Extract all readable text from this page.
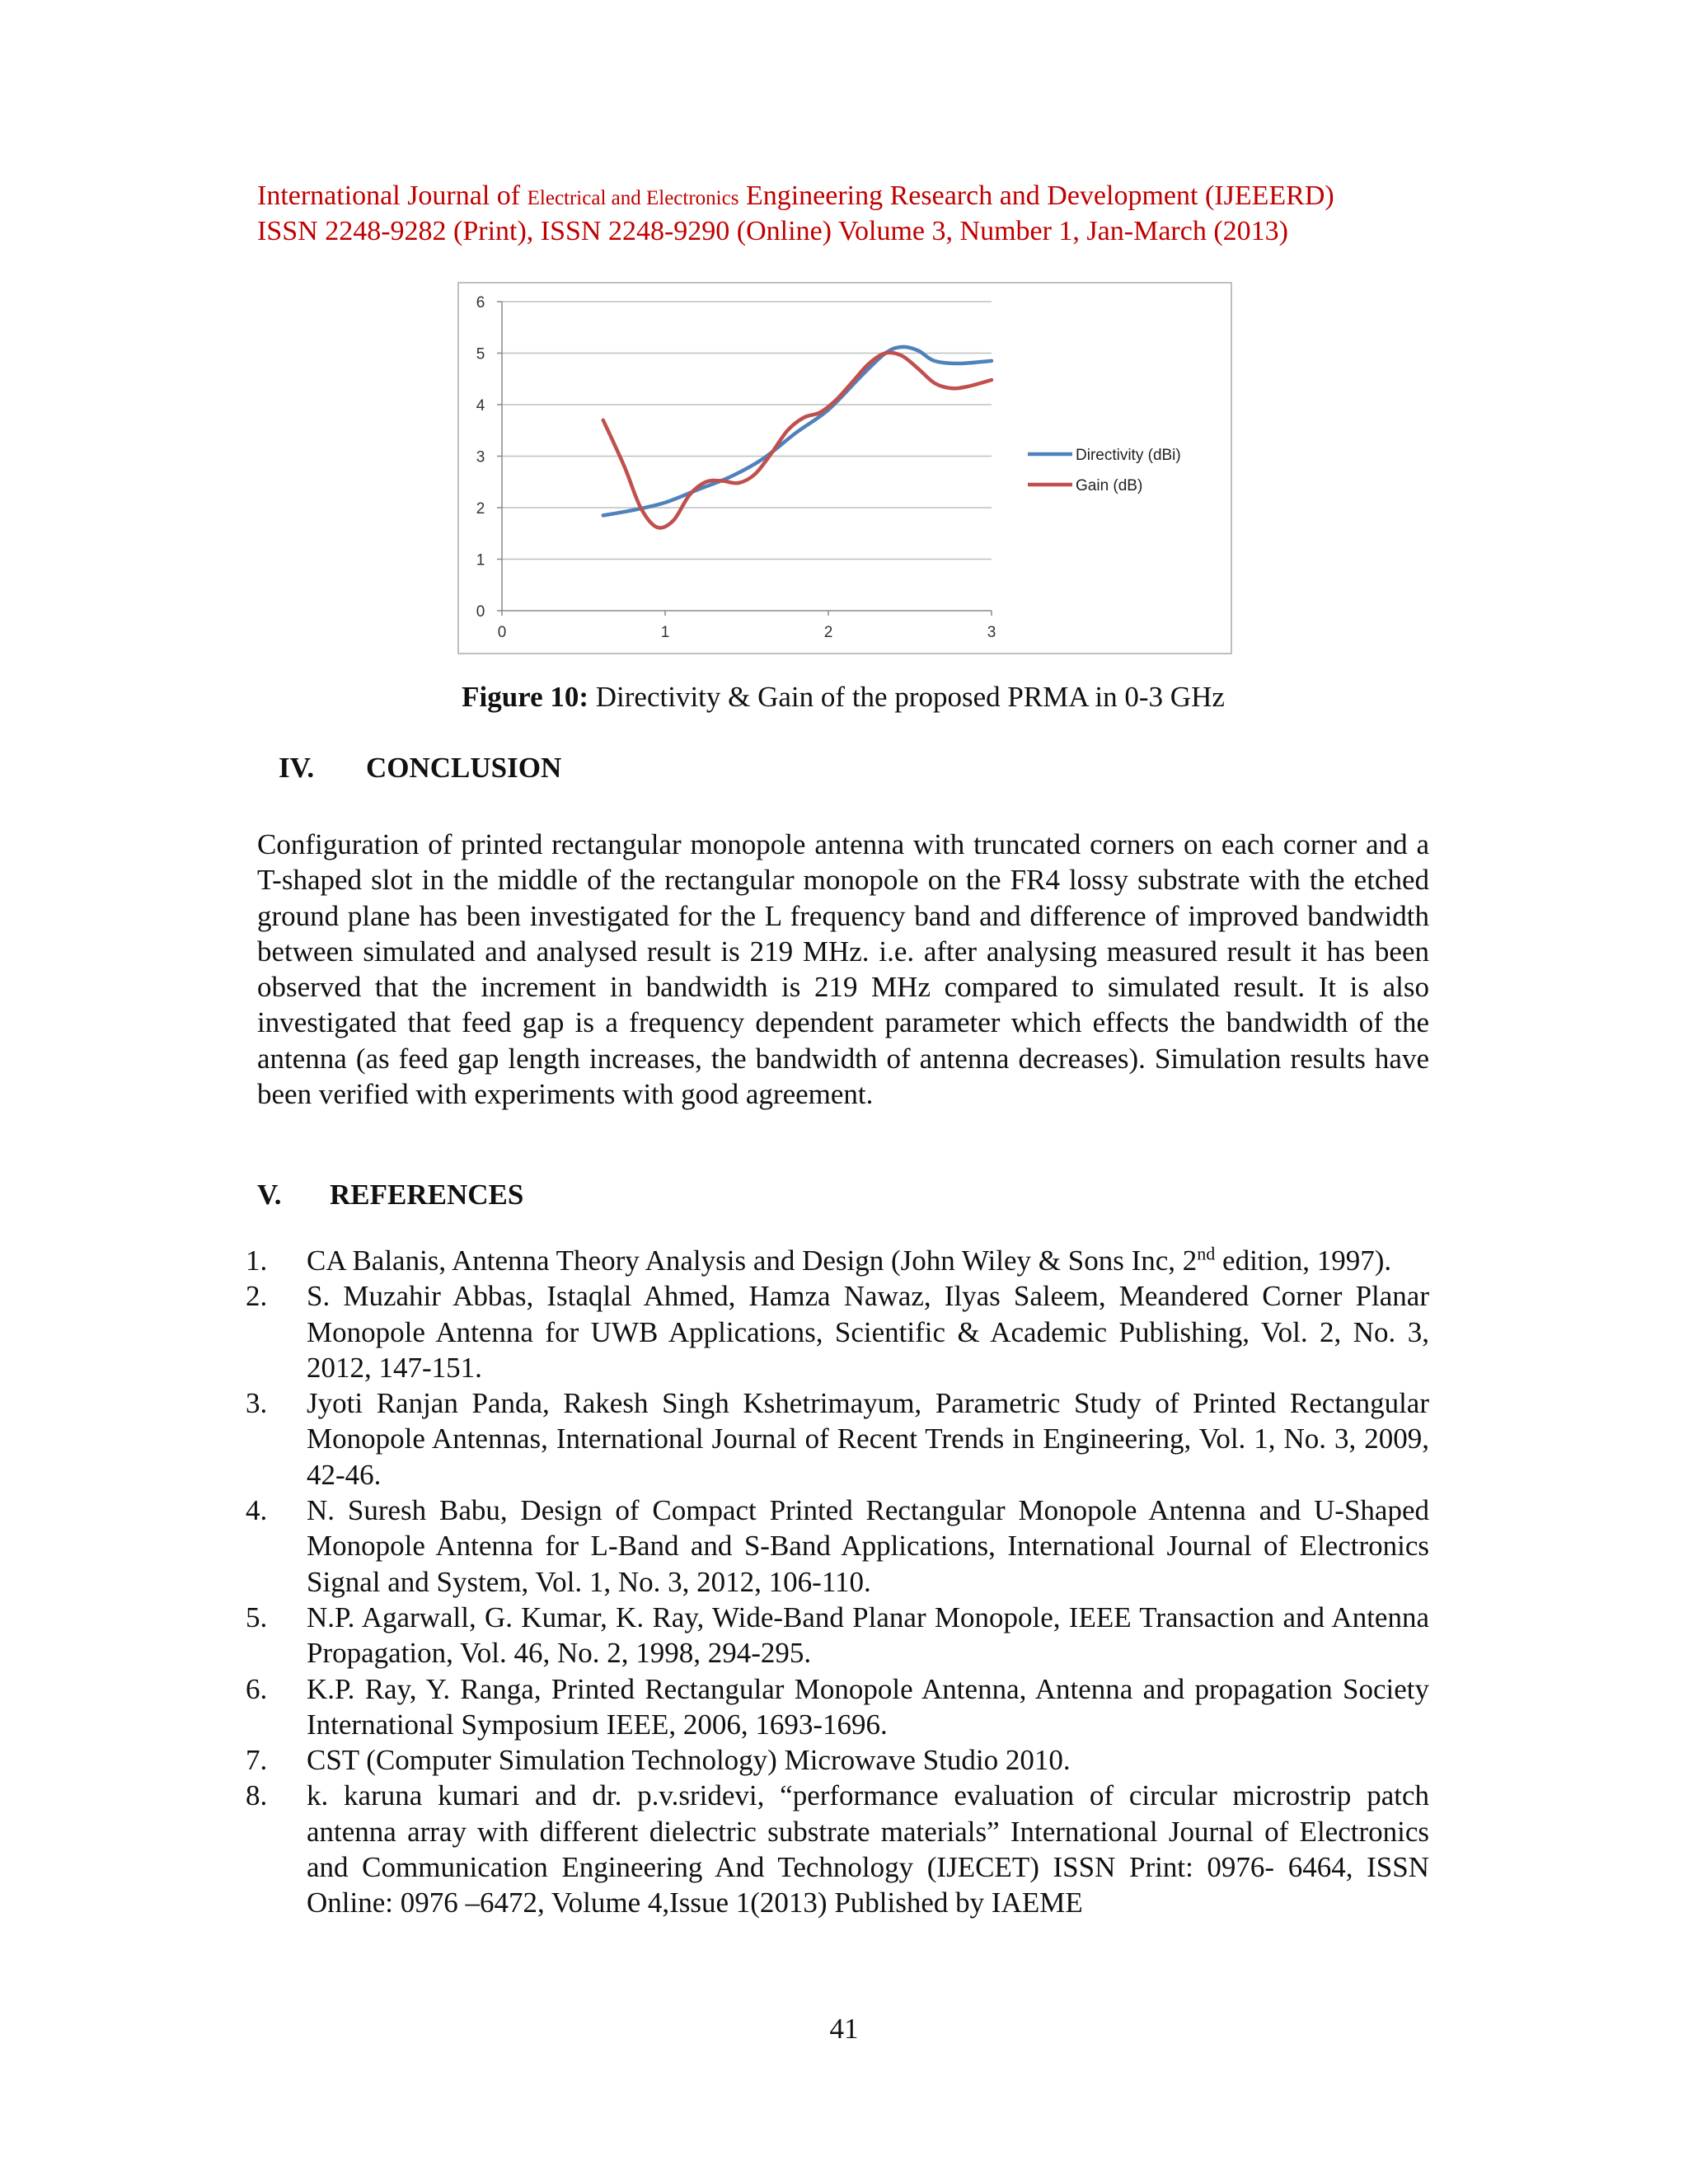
International Journal of Electrical and Electronics Engineering Research and Development (IJEEERD)
ISSN 2248-9282 (Print), ISSN 2248-9290 (Online) Volume 3, Number 1, Jan-March (2013)
0
1
2
3
4
5
6
0	1	2	3
Directivity (dBi)
Gain (dB)
Figure 10: Directivity & Gain of the proposed PRMA in 0-3 GHz
IV. CONCLUSION
Configuration of printed rectangular monopole antenna with truncated corners on each corner and a T-shaped slot in the middle of the rectangular monopole on the FR4 lossy substrate with the etched ground plane has been investigated for the L frequency band and difference of improved bandwidth between simulated and analysed result is 219 MHz. i.e. after analysing measured result it has been observed that the increment in bandwidth is 219 MHz compared to simulated result. It is also investigated that feed gap is a frequency dependent parameter which effects the bandwidth of the antenna (as feed gap length increases, the bandwidth of antenna decreases). Simulation results have been verified with experiments with good agreement.
V. REFERENCES
1. CA Balanis, Antenna Theory Analysis and Design (John Wiley & Sons Inc, 2nd edition, 1997).
2. S. Muzahir Abbas, Istaqlal Ahmed, Hamza Nawaz, Ilyas Saleem, Meandered Corner Planar Monopole Antenna for UWB Applications, Scientific & Academic Publishing, Vol. 2, No. 3, 2012, 147-151.
3. Jyoti Ranjan Panda, Rakesh Singh Kshetrimayum, Parametric Study of Printed Rectangular Monopole Antennas, International Journal of Recent Trends in Engineering, Vol. 1, No. 3, 2009, 42-46.
4. N. Suresh Babu, Design of Compact Printed Rectangular Monopole Antenna and U-Shaped Monopole Antenna for L-Band and S-Band Applications, International Journal of Electronics Signal and System, Vol. 1, No. 3, 2012, 106-110.
5. N.P. Agarwall, G. Kumar, K. Ray, Wide-Band Planar Monopole, IEEE Transaction and Antenna Propagation, Vol. 46, No. 2, 1998, 294-295.
6. K.P. Ray, Y. Ranga, Printed Rectangular Monopole Antenna, Antenna and propagation Society International Symposium IEEE, 2006, 1693-1696.
7. CST (Computer Simulation Technology) Microwave Studio 2010.
8. k. karuna kumari and dr. p.v.sridevi, “performance evaluation of circular microstrip patch antenna array with different dielectric substrate materials” International Journal of Electronics and Communication Engineering And Technology (IJECET) ISSN Print: 0976- 6464, ISSN Online: 0976 –6472, Volume 4,Issue 1(2013) Published by IAEME
41
